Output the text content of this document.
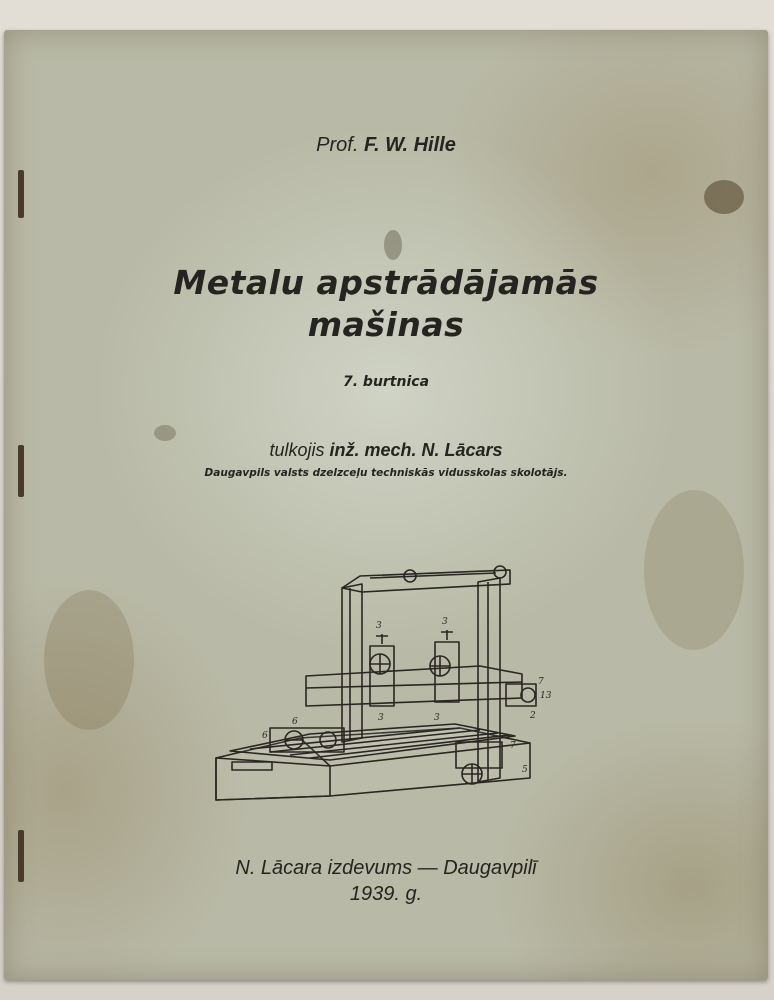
Prof. F. W. Hille
Metalu apstrādājamās
mašinas
7. burtnica
tulkojis inž. mech. N. Lācars
Daugavpils valsts dzelzceļu techniskās vidusskolas skolotājs.
3	3
3	3
6
6
7
7
2
5
13
N. Lācara izdevums — Daugavpilī
1939. g.
